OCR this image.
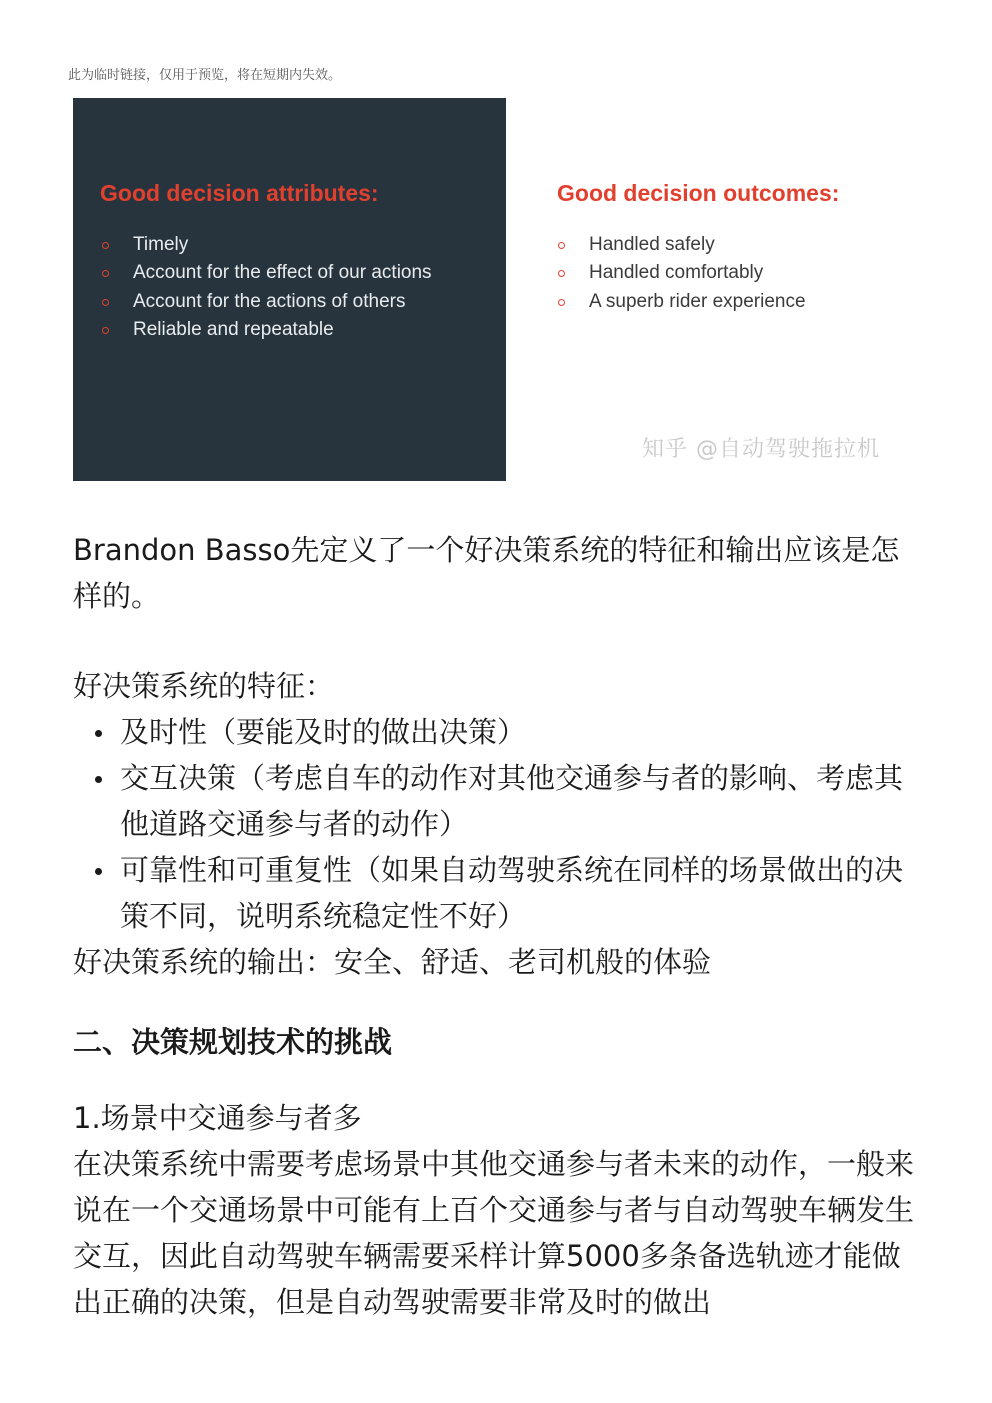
此为临时链接，仅用于预览，将在短期内失效。
Good decision attributes:
Timely
Account for the effect of our actions
Account for the actions of others
Reliable and repeatable
Good decision outcomes:
Handled safely
Handled comfortably
A superb rider experience
知乎 @自动驾驶拖拉机

Brandon Basso先定义了一个好决策系统的特征和输出应该是怎样的。

好决策系统的特征：

及时性（要能及时的做出决策）
交互决策（考虑自车的动作对其他交通参与者的影响、考虑其他道路交通参与者的动作）
可靠性和可重复性（如果自动驾驶系统在同样的场景做出的决策不同，说明系统稳定性不好）

好决策系统的输出：安全、舒适、老司机般的体验

二、决策规划技术的挑战

1.场景中交通参与者多

在决策系统中需要考虑场景中其他交通参与者未来的动作，一般来说在一个交通场景中可能有上百个交通参与者与自动驾驶车辆发生交互，因此自动驾驶车辆需要采样计算5000多条备选轨迹才能做出正确的决策，但是自动驾驶需要非常及时的做出
